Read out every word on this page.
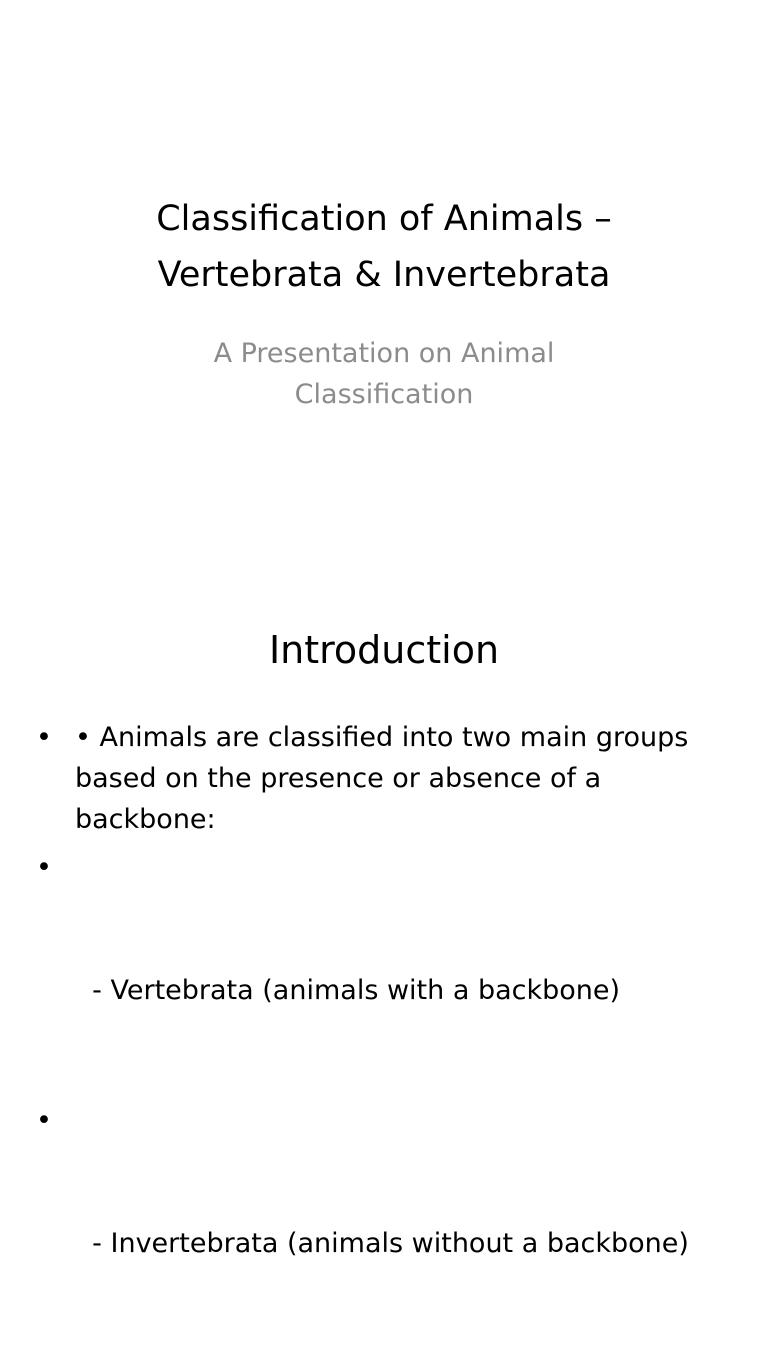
Classification of Animals –
Vertebrata & Invertebrata

A Presentation on Animal
Classification

Introduction
• • Animals are classified into two main groups
based on the presence or absence of a
backbone:

•

- Vertebrata (animals with a backbone)

•

- Invertebrata (animals without a backbone)
